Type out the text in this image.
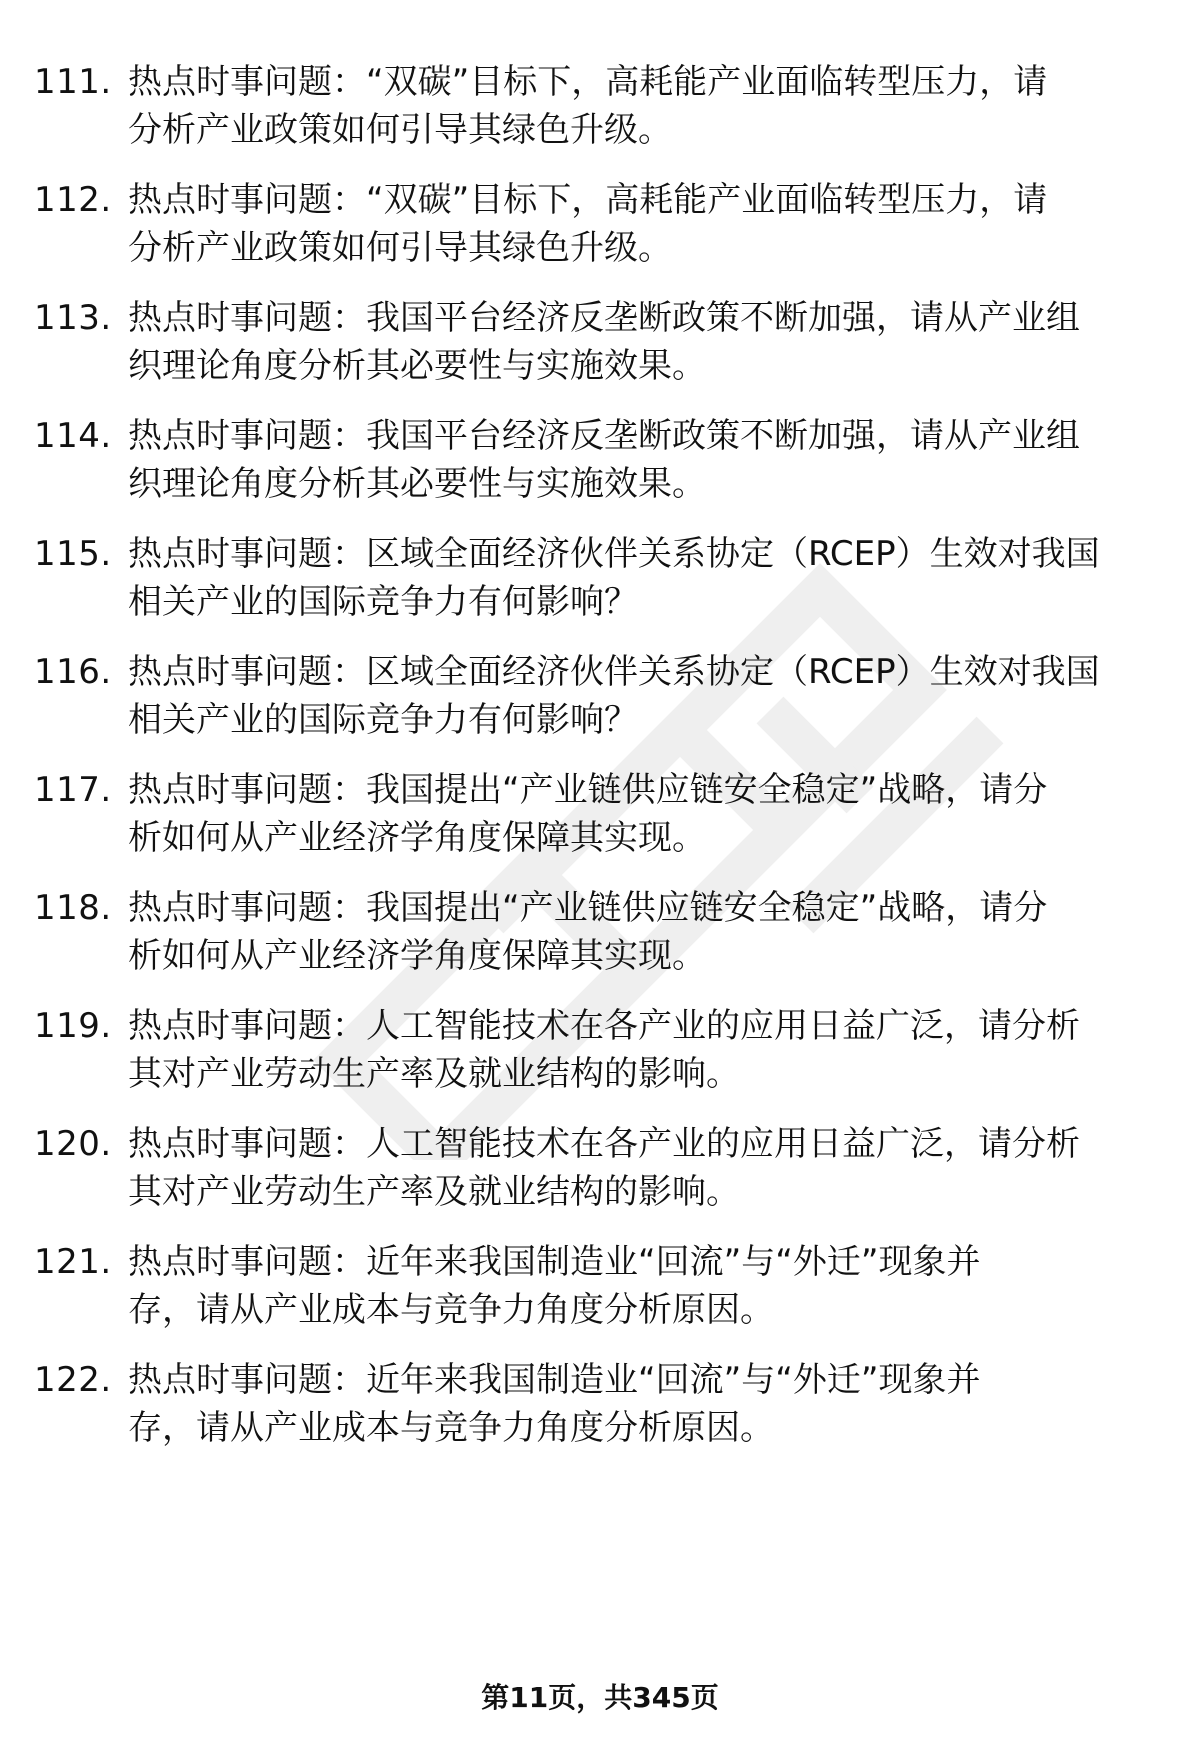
111. 热点时事问题：“双碳”目标下，高耗能产业面临转型压力，请
分析产业政策如何引导其绿色升级。
112. 热点时事问题：“双碳”目标下，高耗能产业面临转型压力，请
分析产业政策如何引导其绿色升级。
113. 热点时事问题：我国平台经济反垄断政策不断加强，请从产业组
织理论角度分析其必要性与实施效果。
114. 热点时事问题：我国平台经济反垄断政策不断加强，请从产业组
织理论角度分析其必要性与实施效果。
115. 热点时事问题：区域全面经济伙伴关系协定（RCEP）生效对我国
相关产业的国际竞争力有何影响？
116. 热点时事问题：区域全面经济伙伴关系协定（RCEP）生效对我国
相关产业的国际竞争力有何影响？
117. 热点时事问题：我国提出“产业链供应链安全稳定”战略，请分
析如何从产业经济学角度保障其实现。
118. 热点时事问题：我国提出“产业链供应链安全稳定”战略，请分
析如何从产业经济学角度保障其实现。
119. 热点时事问题：人工智能技术在各产业的应用日益广泛，请分析
其对产业劳动生产率及就业结构的影响。
120. 热点时事问题：人工智能技术在各产业的应用日益广泛，请分析
其对产业劳动生产率及就业结构的影响。
121. 热点时事问题：近年来我国制造业“回流”与“外迁”现象并
存，请从产业成本与竞争力角度分析原因。
122. 热点时事问题：近年来我国制造业“回流”与“外迁”现象并
存，请从产业成本与竞争力角度分析原因。
第11页，共345页
